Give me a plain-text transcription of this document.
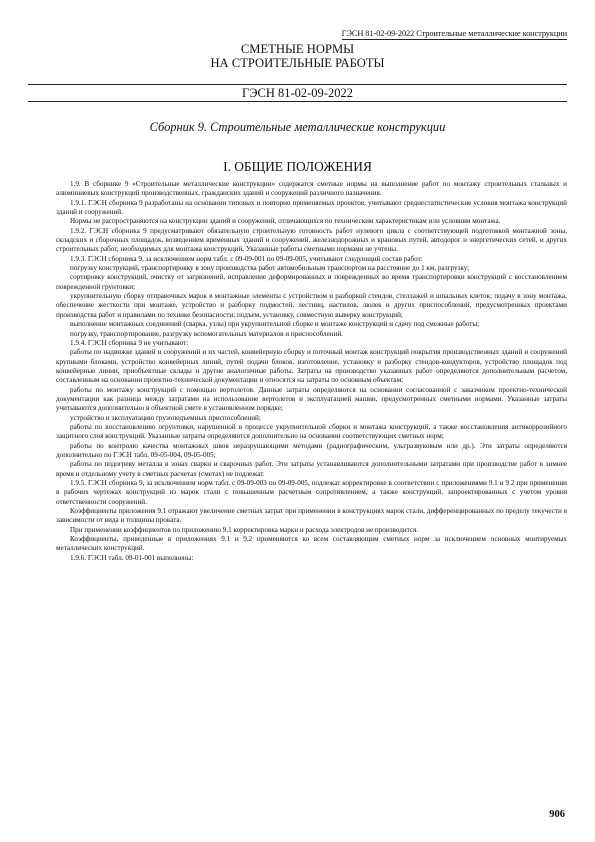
ГЭСН 81-02-09-2022 Строительные металлические конструкции

СМЕТНЫЕ НОРМЫ

НА СТРОИТЕЛЬНЫЕ РАБОТЫ

ГЭСН 81-02-09-2022
Сборник 9. Строительные металлические конструкции
I. ОБЩИЕ ПОЛОЖЕНИЯ

1.9. В сборнике 9 «Строительные металлические конструкции» содержатся сметные нормы на выполнение работ по монтажу строительных стальных и алюминиевых конструкций производственных, гражданских зданий и сооружений различного назначения.

1.9.1. ГЭСН сборника 9 разработаны на основании типовых и повторно применяемых проектов, учитывают среднестатистические условия монтажа конструкций зданий и сооружений.

Нормы не распространяются на конструкции зданий и сооружений, отличающихся по техническим характеристикам или условиям монтажа.

1.9.2. ГЭСН сборника 9 предусматривают обязательную строительную готовность работ нулевого цикла с соответствующей подготовкой монтажной зоны, складских и сборочных площадок, возведением временных зданий и сооружений, железнодорожных и крановых путей, автодорог и энергетических сетей, и других строительных работ, необходимых для монтажа конструкций. Указанные работы сметными нормами не учтены.

1.9.3. ГЭСН сборника 9, за исключением норм табл. с 09-09-001 по 09-09-005, учитывают следующий состав работ:

погрузку конструкций, транспортировку в зону производства работ автомобильным транспортом на расстояние до 1 км, разгрузку;

сортировку конструкций, очистку от загрязнений, исправление деформированных и поврежденных во время транспортировки конструкций с восстановлением поврежденной грунтовки;

укрупнительную сборку отправочных марок в монтажные элементы с устройством и разборкой стендов, стеллажей и шпальных клеток; подачу в зону монтажа, обеспечение жесткости при монтаже, устройство и разборку подмостей, лестниц, настилов, люлек и других приспособлений, предусмотренных проектами производства работ и правилами по технике безопасности; подъем, установку, совместную выверку конструкций;

выполнение монтажных соединений (сварка, узлы) при укрупнительной сборке и монтаже конструкций и сдачу под смежные работы;

погрузку, транспортирование, разгрузку вспомогательных материалов и приспособлений.

1.9.4. ГЭСН сборника 9 не учитывают:

работы по надвижке зданий и сооружений и их частей, конвейерную сборку и поточный монтаж конструкций покрытия производственных зданий и сооружений крупными блоками, устройство конвейерных линий, путей подачи блоков, изготовление, установку и разборку стендов-кондукторов, устройство площадок под конвейерные линии, приобъектные склады и другие аналогичные работы. Затраты на производство указанных работ определяются дополнительным расчетом, составленным на основании проектно-технической документации и относятся на затраты по основным объектам;

работы по монтажу конструкций с помощью вертолетов. Данные затраты определяются на основании согласованной с заказчиком проектно-технической документации как разница между затратами на использование вертолетов и эксплуатацией машин, предусмотренных сметными нормами. Указанные затраты учитываются дополнительно в объектной смете в установленном порядке;

устройство и эксплуатацию грузоподъемных приспособлений;

работы по восстановлению огрунтовки, нарушенной в процессе укрупнительной сборки и монтажа конструкций, а также восстановления антикоррозийного защитного слоя конструкций. Указанные затраты определяются дополнительно на основании соответствующих сметных норм;

работы по контролю качества монтажных швов неразрушающими методами (радиографическим, ультразвуковым или др.). Эти затраты определяются дополнительно по ГЭСН табл. 09-05-004, 09-05-005;

работы по подогреву металла в зонах сварки и сварочных работ. Эти затраты устанавливаются дополнительными затратами при производстве работ в зимнее время и отдельному учету в сметных расчетах (сметах) не подлежат.

1.9.5. ГЭСН сборника 9, за исключением норм табл. с 09-09-003 по 09-09-005, подлежат корректировке в соответствии с приложениями 9.1 и 9.2 при применении в рабочих чертежах конструкций из марок стали с повышенным расчетным сопротивлением, а также конструкций, запроектированных с учетом уровня ответственности сооружений.

Коэффициенты приложения 9.1 отражают увеличение сметных затрат при применении в конструкциях марок стали, дифференцированных по пределу текучести в зависимости от вида и толщины проката.

При применении коэффициентов по приложению 9.1 корректировка марки и расхода электродов не производится.

Коэффициенты, приведенные в приложениях 9.1 и 9.2 применяются ко всем составляющим сметных норм за исключением основных монтируемых металлических конструкций.

1.9.6. ГЭСН табл. 09-01-001 выполнены:

906
